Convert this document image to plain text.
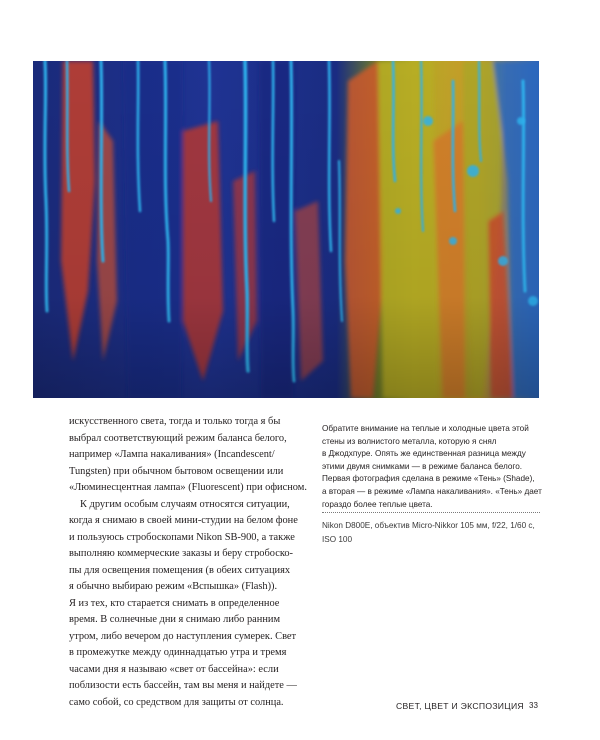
искусственного света, тогда и только тогда я бы
выбрал соответствующий режим баланса белого,
например «Лампа накаливания» (Incandescent/
Tungsten) при обычном бытовом освещении или
«Люминесцентная лампа» (Fluorescent) при офисном.

К другим особым случаям относятся ситуации,
когда я снимаю в своей мини-студии на белом фоне
и пользуюсь стробоскопами Nikon SB-900, а также
выполняю коммерческие заказы и беру стробоско-
пы для освещения помещения (в обеих ситуациях
я обычно выбираю режим «Вспышка» (Flash)).
Я из тех, кто старается снимать в определенное
время. В солнечные дни я снимаю либо ранним
утром, либо вечером до наступления сумерек. Свет
в промежутке между одиннадцатью утра и тремя
часами дня я называю «свет от бассейна»: если
поблизости есть бассейн, там вы меня и найдете —
само собой, со средством для защиты от солнца.

Обратите внимание на теплые и холодные цвета этой
стены из волнистого металла, которую я снял
в Джодхпуре. Опять же единственная разница между
этими двумя снимками — в режиме баланса белого.
Первая фотография сделана в режиме «Тень» (Shade),
а вторая — в режиме «Лампа накаливания». «Тень» дает
гораздо более теплые цвета.
Nikon D800E, объектив Micro-Nikkor 105 мм, f/22, 1/60 с,
ISO 100
СВЕТ, ЦВЕТ И ЭКСПОЗИЦИЯ 33
